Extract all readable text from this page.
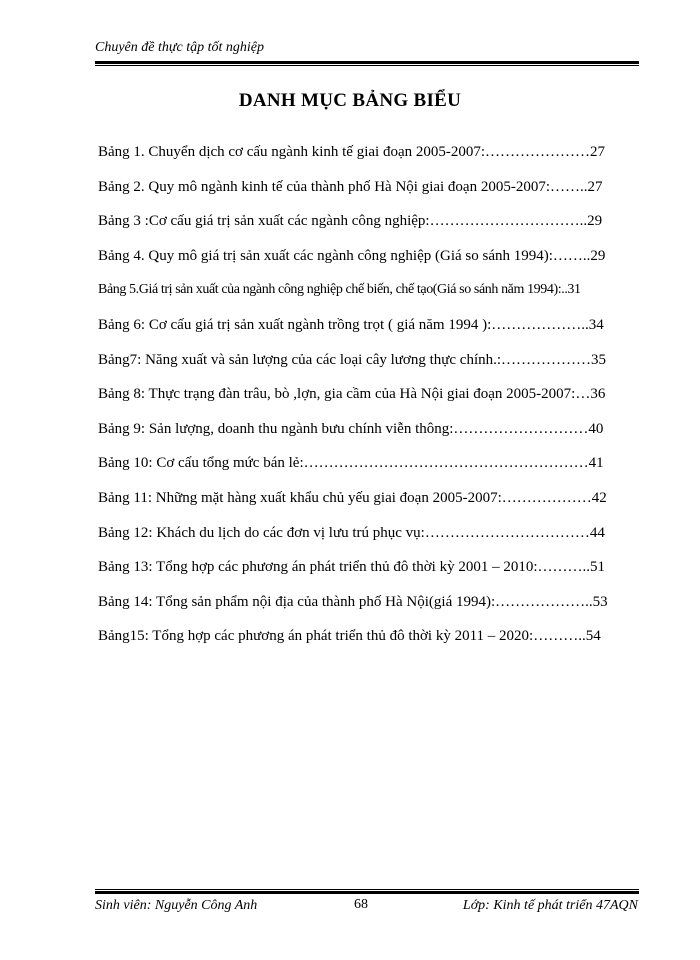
Chuyên đề thực tập tốt nghiệp
DANH MỤC BẢNG BIỂU
Bảng 1. Chuyển dịch cơ cấu ngành kinh tế giai đoạn 2005-2007:…………………27
Bảng 2. Quy mô ngành kinh tế của thành phố Hà Nội giai đoạn 2005-2007:……..27
Bảng 3 :Cơ cấu giá trị sản xuất các ngành công nghiệp:…………………………..29
Bảng 4. Quy mô giá trị sản xuất các ngành công nghiệp (Giá so sánh 1994):……..29
Bảng 5.Giá trị sản xuất của ngành công nghiệp chế biến, chế tạo(Giá so sánh năm 1994):..31
Bảng 6: Cơ cấu giá trị sản xuất ngành trồng trọt ( giá năm 1994 ):………………..34
Bảng7: Năng xuất và sản lượng của các loại cây lương thực chính.:………………35
Bảng 8: Thực trạng đàn trâu, bò ,lợn, gia cầm của Hà Nội giai đoạn 2005-2007:…36
Bảng 9: Sản lượng, doanh thu ngành bưu chính viễn thông:………………………40
Bảng 10: Cơ cấu tổng mức bán lẻ:…………………………………………………41
Bảng 11: Những mặt hàng xuất khẩu chủ yếu giai đoạn 2005-2007:………………42
Bảng 12: Khách du lịch do các đơn vị lưu trú phục vụ:……………………………44
Bảng 13: Tổng hợp các phương án phát triển thủ đô thời kỳ 2001 – 2010:………..51
Bảng 14: Tổng sản phẩm nội địa của thành phố Hà Nội(giá 1994):………………..53
Bảng15: Tổng hợp các phương án phát triển thủ đô thời kỳ 2011 – 2020:………..54
Sinh viên: Nguyễn Công Anh	68	Lớp: Kinh tế phát triển 47AQN
